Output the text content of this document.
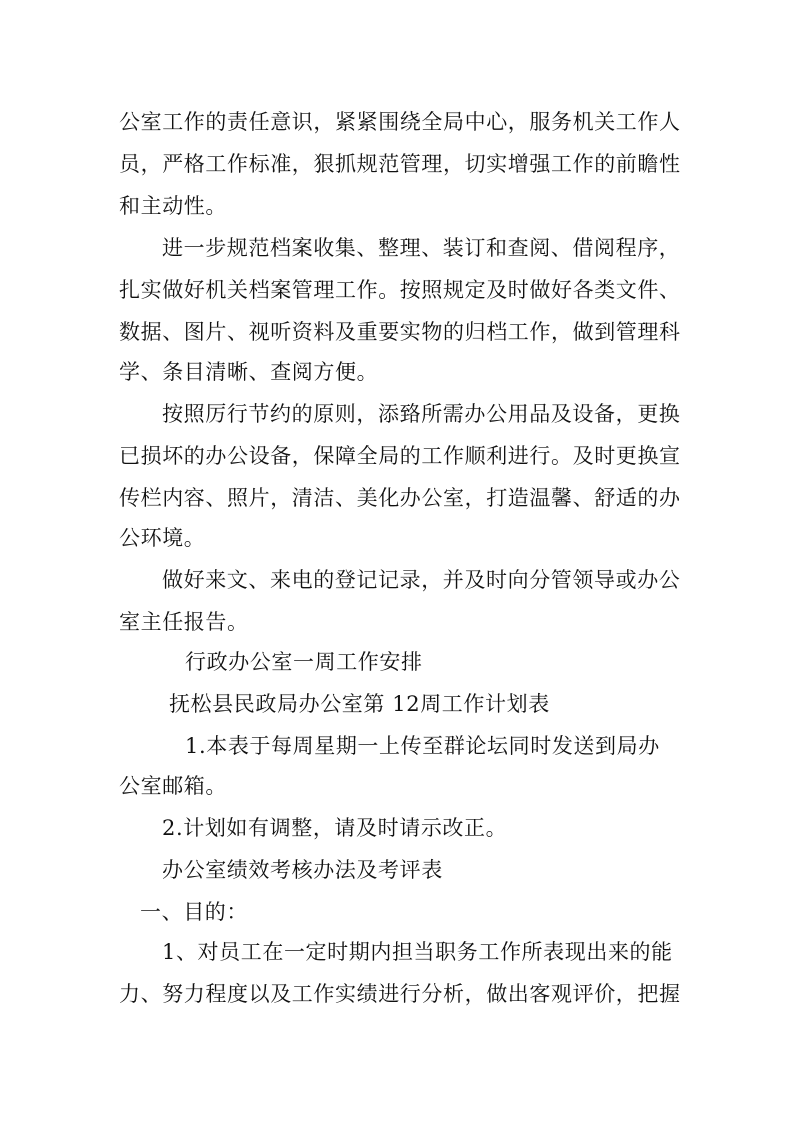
公室工作的责任意识，紧紧围绕全局中心，服务机关工作人
员，严格工作标准，狠抓规范管理，切实增强工作的前瞻性
和主动性。
进一步规范档案收集、整理、装订和查阅、借阅程序，
扎实做好机关档案管理工作。按照规定及时做好各类文件、
数据、图片、视听资料及重要实物的归档工作，做到管理科
学、条目清晰、查阅方便。
按照厉行节约的原则，添臵所需办公用品及设备，更换
已损坏的办公设备，保障全局的工作顺利进行。及时更换宣
传栏内容、照片，清洁、美化办公室，打造温馨、舒适的办
公环境。
做好来文、来电的登记记录，并及时向分管领导或办公
室主任报告。
行政办公室一周工作安排
抚松县民政局办公室第 12周工作计划表
1.本表于每周星期一上传至群论坛同时发送到局办
公室邮箱。
2.计划如有调整，请及时请示改正。
办公室绩效考核办法及考评表
一、目的：
1、对员工在一定时期内担当职务工作所表现出来的能
力、努力程度以及工作实绩进行分析，做出客观评价，把握
